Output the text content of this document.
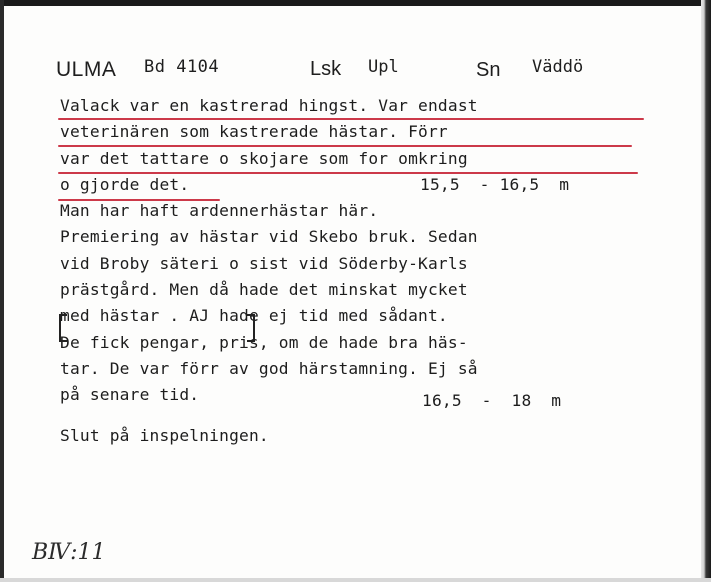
ULMA Bd 4104	Lsk Upl	Sn Väddö
Valack var en kastrerad hingst. Var endast
veterinären som kastrerade hästar. Förr
var det tattare o skojare som for omkring

o gjorde det.

	15,5  - 16,5  m

Man har haft ardennerhästar här.
Premiering av hästar vid Skebo bruk. Sedan
vid Broby säteri o sist vid Söderby-Karls
prästgård. Men då hade det minskat mycket
med hästar . AJ hade ej tid med sådant.
De fick pengar, pris, om de hade bra häs-
tar. De var förr av god härstamning. Ej så

på senare tid.

	16,5  -  18  m

Slut på inspelningen.
BⅣ:11
